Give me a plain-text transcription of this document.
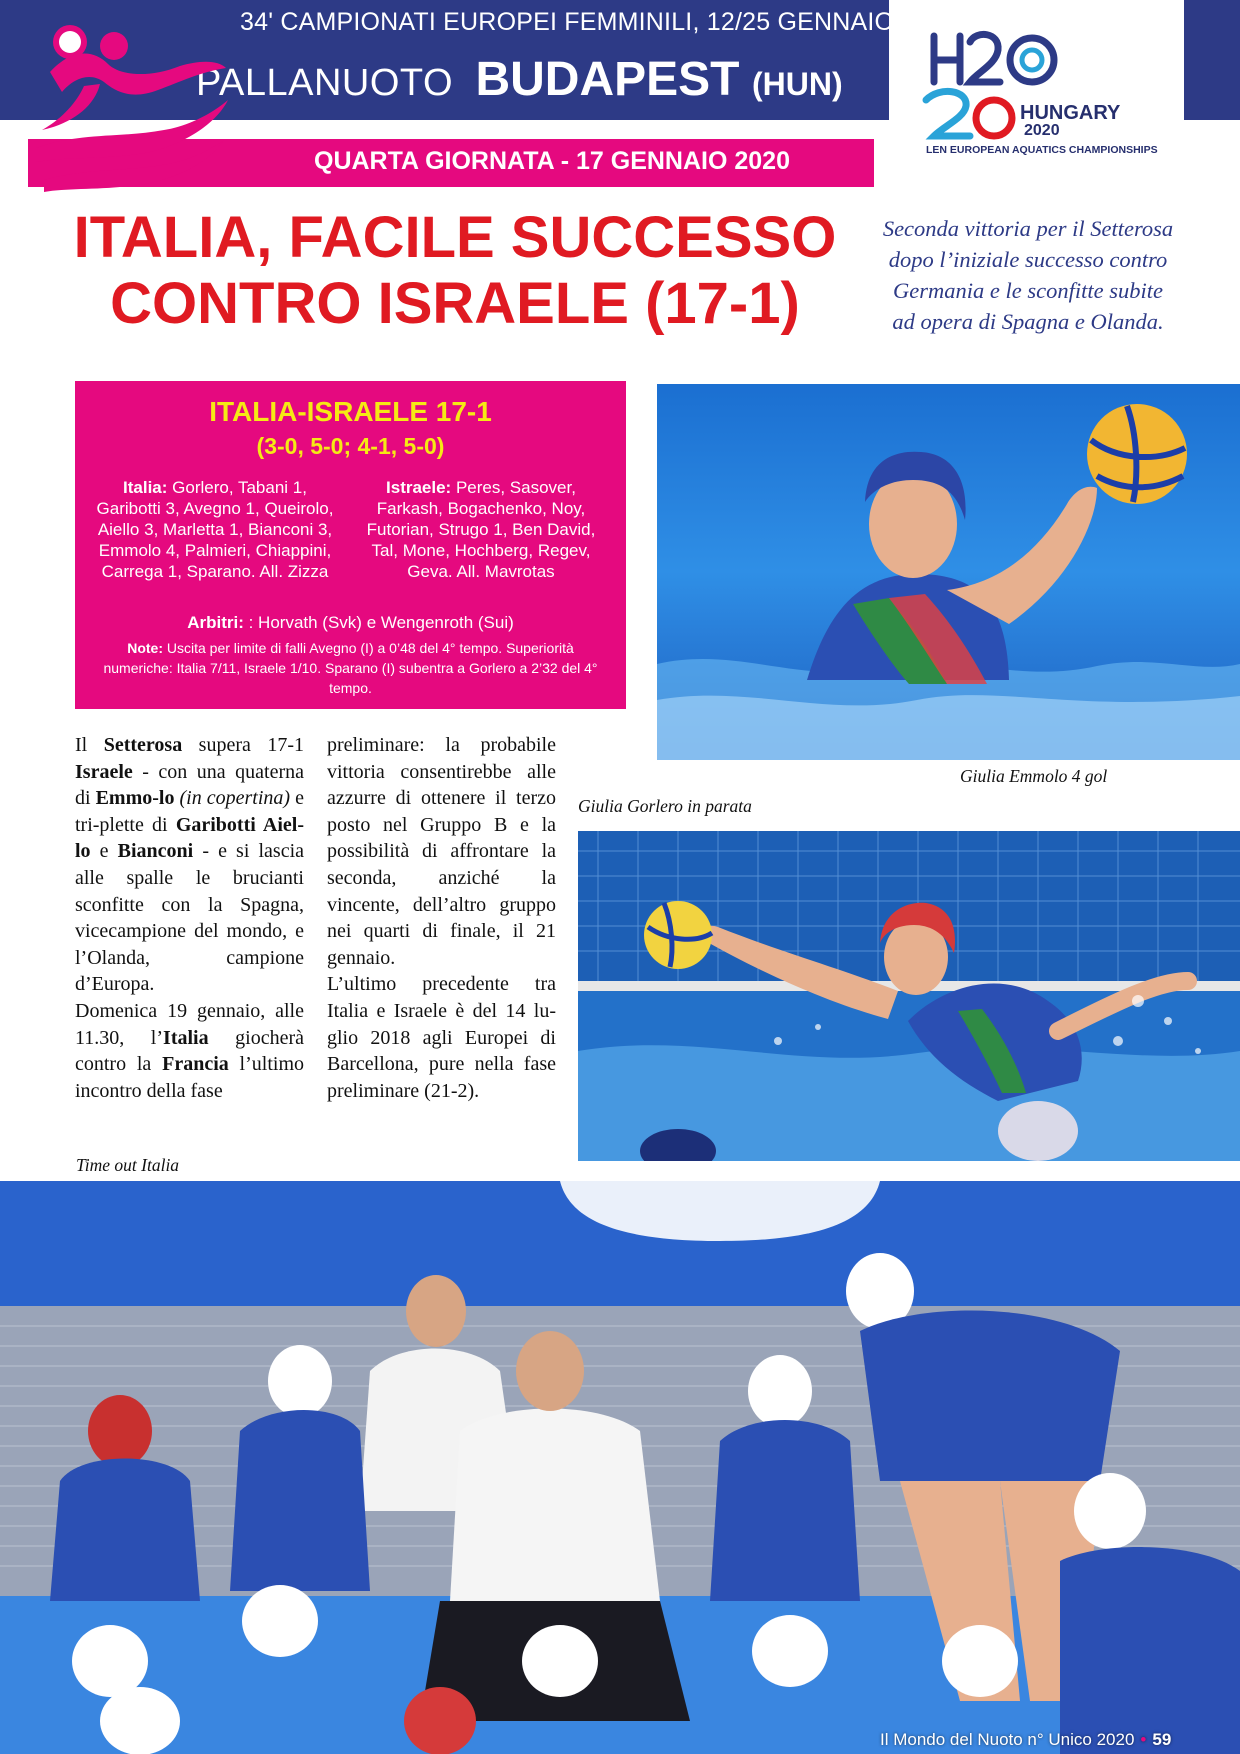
34' CAMPIONATI EUROPEI FEMMINILI, 12/25 GENNAIO 2020
PALLANUOTO BUDAPEST (HUN)
QUARTA GIORNATA - 17 GENNAIO 2020
HUNGARY
2020
LEN EUROPEAN AQUATICS CHAMPIONSHIPS
ITALIA, FACILE SUCCESSO
CONTRO ISRAELE (17-1)
Seconda vittoria per il Setterosa dopo l’iniziale successo contro Germania e le sconfitte subite ad opera di Spagna e Olanda.
ITALIA-ISRAELE 17-1
(3-0, 5-0; 4-1, 5-0)
Italia: Gorlero, Tabani 1, Garibotti 3, Avegno 1, Queirolo, Aiello 3, Marletta 1, Bianconi 3, Emmolo 4, Palmieri, Chiappini, Carrega 1, Sparano. All. Zizza
Istraele: Peres, Sasover, Farkash, Bogachenko, Noy, Futorian, Strugo 1, Ben David, Tal, Mone, Hochberg, Regev, Geva. All. Mavrotas
Arbitri: : Horvath (Svk) e Wengenroth (Sui)
Note: Uscita per limite di falli Avegno (I) a 0’48 del 4° tempo. Superiorità numeriche: Italia 7/11, Israele 1/10. Sparano (I) subentra a Gorlero a 2’32 del 4° tempo.
Giulia Emmolo 4 gol
Giulia Gorlero in parata

Il Setterosa supera 17-1 Israele - con una quaterna di Emmo-lo (in copertina) e tri-plette di Garibotti Aiel-lo e Bianconi - e si lascia alle spalle le brucianti sconfitte con la Spagna, vicecampione del mondo, e l’Olanda, campione d’Europa.

Domenica 19 gennaio, alle 11.30, l’Italia giocherà contro la Francia l’ultimo incontro della fase

preliminare: la probabile vittoria consentirebbe alle azzurre di ottenere il terzo posto nel Gruppo B e la possibilità di affrontare la seconda, anziché la vincente, dell’altro gruppo nei quarti di finale, il 21 gennaio.

L’ultimo precedente tra Italia e Israele è del 14 lu-glio 2018 agli Europei di Barcellona, pure nella fase preliminare (21-2).

Time out Italia
Il Mondo del Nuoto n° Unico 2020 • 59
